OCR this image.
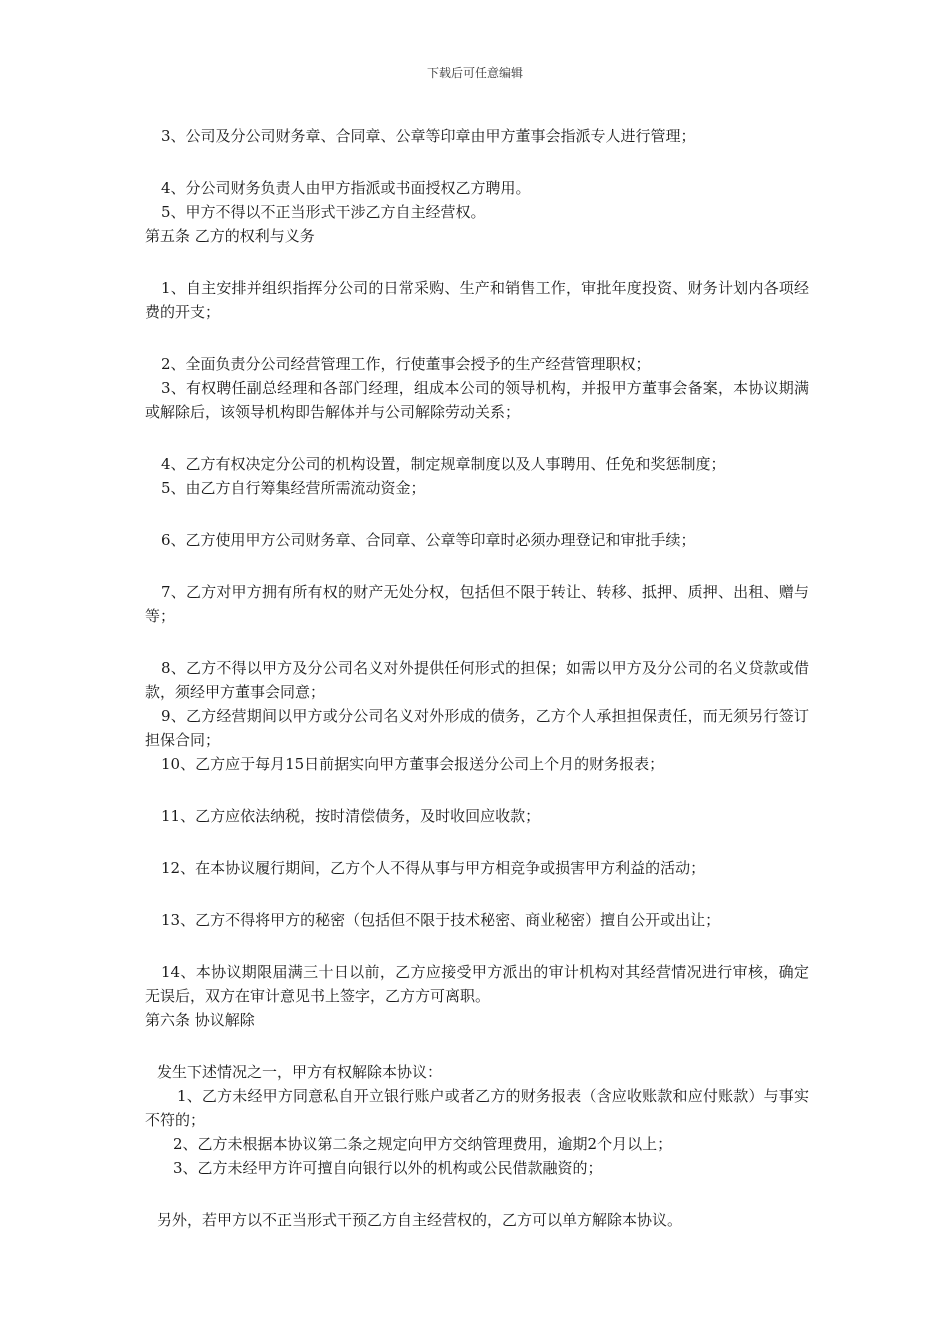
下载后可任意编辑

3、公司及分公司财务章、合同章、公章等印章由甲方董事会指派专人进行管理；

4、分公司财务负责人由甲方指派或书面授权乙方聘用。

5、甲方不得以不正当形式干涉乙方自主经营权。

第五条 乙方的权利与义务

1、自主安排并组织指挥分公司的日常采购、生产和销售工作，审批年度投资、财务计划内各项经费的开支；

2、全面负责分公司经营管理工作，行使董事会授予的生产经营管理职权；

3、有权聘任副总经理和各部门经理，组成本公司的领导机构，并报甲方董事会备案，本协议期满或解除后，该领导机构即告解体并与公司解除劳动关系；

4、乙方有权决定分公司的机构设置，制定规章制度以及人事聘用、任免和奖惩制度；

5、由乙方自行筹集经营所需流动资金；

6、乙方使用甲方公司财务章、合同章、公章等印章时必须办理登记和审批手续；

7、乙方对甲方拥有所有权的财产无处分权，包括但不限于转让、转移、抵押、质押、出租、赠与等；

8、乙方不得以甲方及分公司名义对外提供任何形式的担保；如需以甲方及分公司的名义贷款或借款，须经甲方董事会同意；

9、乙方经营期间以甲方或分公司名义对外形成的债务，乙方个人承担担保责任，而无须另行签订担保合同；

10、乙方应于每月15日前据实向甲方董事会报送分公司上个月的财务报表；

11、乙方应依法纳税，按时清偿债务，及时收回应收款；

12、在本协议履行期间，乙方个人不得从事与甲方相竞争或损害甲方利益的活动；

13、乙方不得将甲方的秘密（包括但不限于技术秘密、商业秘密）擅自公开或出让；

14、本协议期限届满三十日以前，乙方应接受甲方派出的审计机构对其经营情况进行审核，确定无误后，双方在审计意见书上签字，乙方方可离职。

第六条 协议解除

发生下述情况之一，甲方有权解除本协议：

1、乙方未经甲方同意私自开立银行账户或者乙方的财务报表（含应收账款和应付账款）与事实不符的；

2、乙方未根据本协议第二条之规定向甲方交纳管理费用，逾期2个月以上；

3、乙方未经甲方许可擅自向银行以外的机构或公民借款融资的；

另外，若甲方以不正当形式干预乙方自主经营权的，乙方可以单方解除本协议。
